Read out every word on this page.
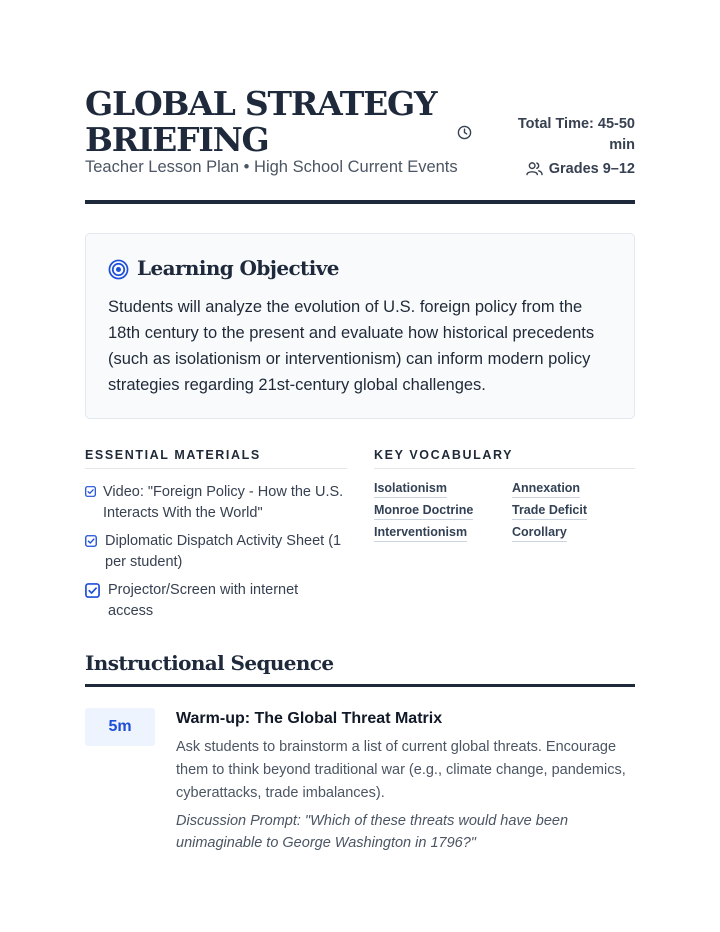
GLOBAL STRATEGY
BRIEFING
Teacher Lesson Plan • High School Current Events
Total Time: 45-50 min
Grades 9–12
Learning Objective

Students will analyze the evolution of U.S. foreign policy from the 18th century to the present and evaluate how historical precedents (such as isolationism or interventionism) can inform modern policy strategies regarding 21st-century global challenges.

ESSENTIAL MATERIALS
Video: "Foreign Policy - How the U.S. Interacts With the World"
Diplomatic Dispatch Activity Sheet (1 per student)
Projector/Screen with internet access
KEY VOCABULARY
Isolationism	Annexation
Monroe Doctrine	Trade Deficit
Interventionism	Corollary
Instructional Sequence
5m	Warm-up: The Global Threat Matrix

Ask students to brainstorm a list of current global threats. Encourage them to think beyond traditional war (e.g., climate change, pandemics, cyberattacks, trade imbalances).

Discussion Prompt: "Which of these threats would have been unimaginable to George Washington in 1796?"
